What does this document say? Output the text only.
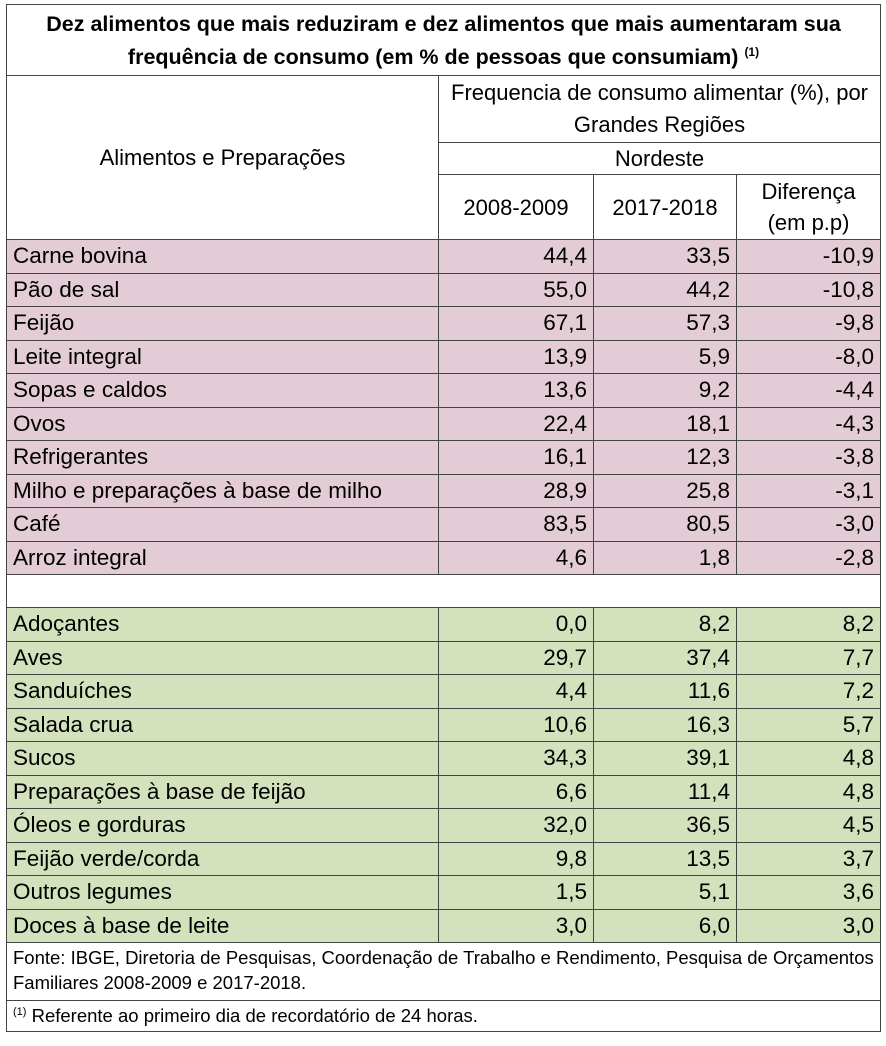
Dez alimentos que mais reduziram e dez alimentos que mais aumentaram sua frequência de consumo (em % de pessoas que consumiam) $^{(1)}$
Alimentos e Preparações	Frequencia de consumo alimentar (%), por Grandes Regiões		
	Nordeste		
	2008-2009	2017-2018	Diferença (em p.p)
Carne bovina	44,4	33,5	-10,9
Pão de sal	55,0	44,2	-10,8
Feijão	67,1	57,3	-9,8
Leite integral	13,9	5,9	-8,0
Sopas e caldos	13,6	9,2	-4,4
Ovos	22,4	18,1	-4,3
Refrigerantes	16,1	12,3	-3,8
Milho e preparações à base de milho	28,9	25,8	-3,1
Café	83,5	80,5	-3,0
Arroz integral	4,6	1,8	-2,8

Adoçantes	0,0	8,2	8,2
Aves	29,7	37,4	7,7
Sanduíches	4,4	11,6	7,2
Salada crua	10,6	16,3	5,7
Sucos	34,3	39,1	4,8
Preparações à base de feijão	6,6	11,4	4,8
Óleos e gorduras	32,0	36,5	4,5
Feijão verde/corda	9,8	13,5	3,7
Outros legumes	1,5	5,1	3,6
Doces à base de leite	3,0	6,0	3,0
Fonte: IBGE, Diretoria de Pesquisas, Coordenação de Trabalho e Rendimento, Pesquisa de Orçamentos Familiares 2008-2009 e 2017-2018.			
$^{(1)}$ Referente ao primeiro dia de recordatório de 24 horas.			
